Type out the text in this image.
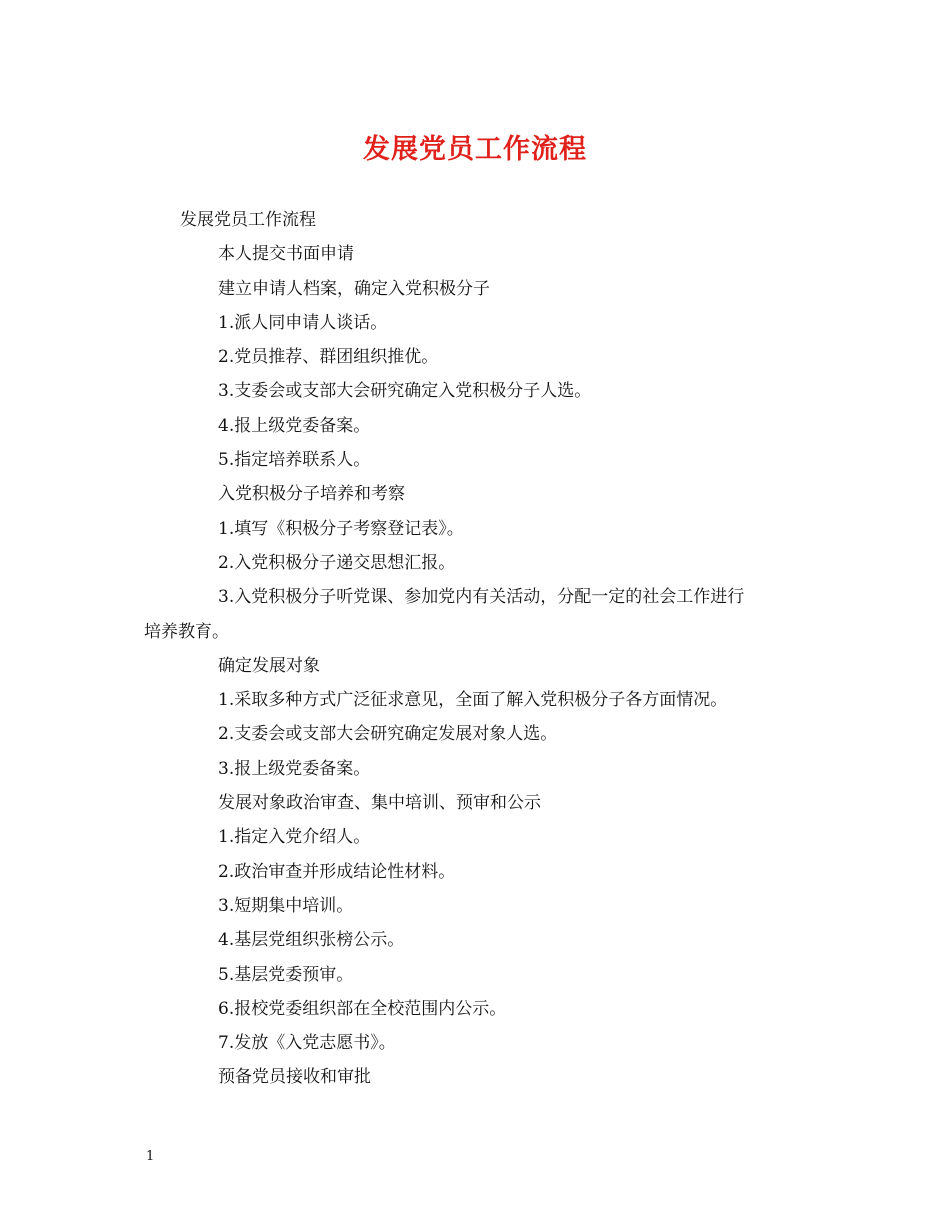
发展党员工作流程

发展党员工作流程

本人提交书面申请

建立申请人档案，确定入党积极分子

1.派人同申请人谈话。

2.党员推荐、群团组织推优。

3.支委会或支部大会研究确定入党积极分子人选。

4.报上级党委备案。

5.指定培养联系人。

入党积极分子培养和考察

1.填写《积极分子考察登记表》。

2.入党积极分子递交思想汇报。

3.入党积极分子听党课、参加党内有关活动，分配一定的社会工作进行

培养教育。

确定发展对象

1.采取多种方式广泛征求意见，全面了解入党积极分子各方面情况。

2.支委会或支部大会研究确定发展对象人选。

3.报上级党委备案。

发展对象政治审查、集中培训、预审和公示

1.指定入党介绍人。

2.政治审查并形成结论性材料。

3.短期集中培训。

4.基层党组织张榜公示。

5.基层党委预审。

6.报校党委组织部在全校范围内公示。

7.发放《入党志愿书》。

预备党员接收和审批

1
